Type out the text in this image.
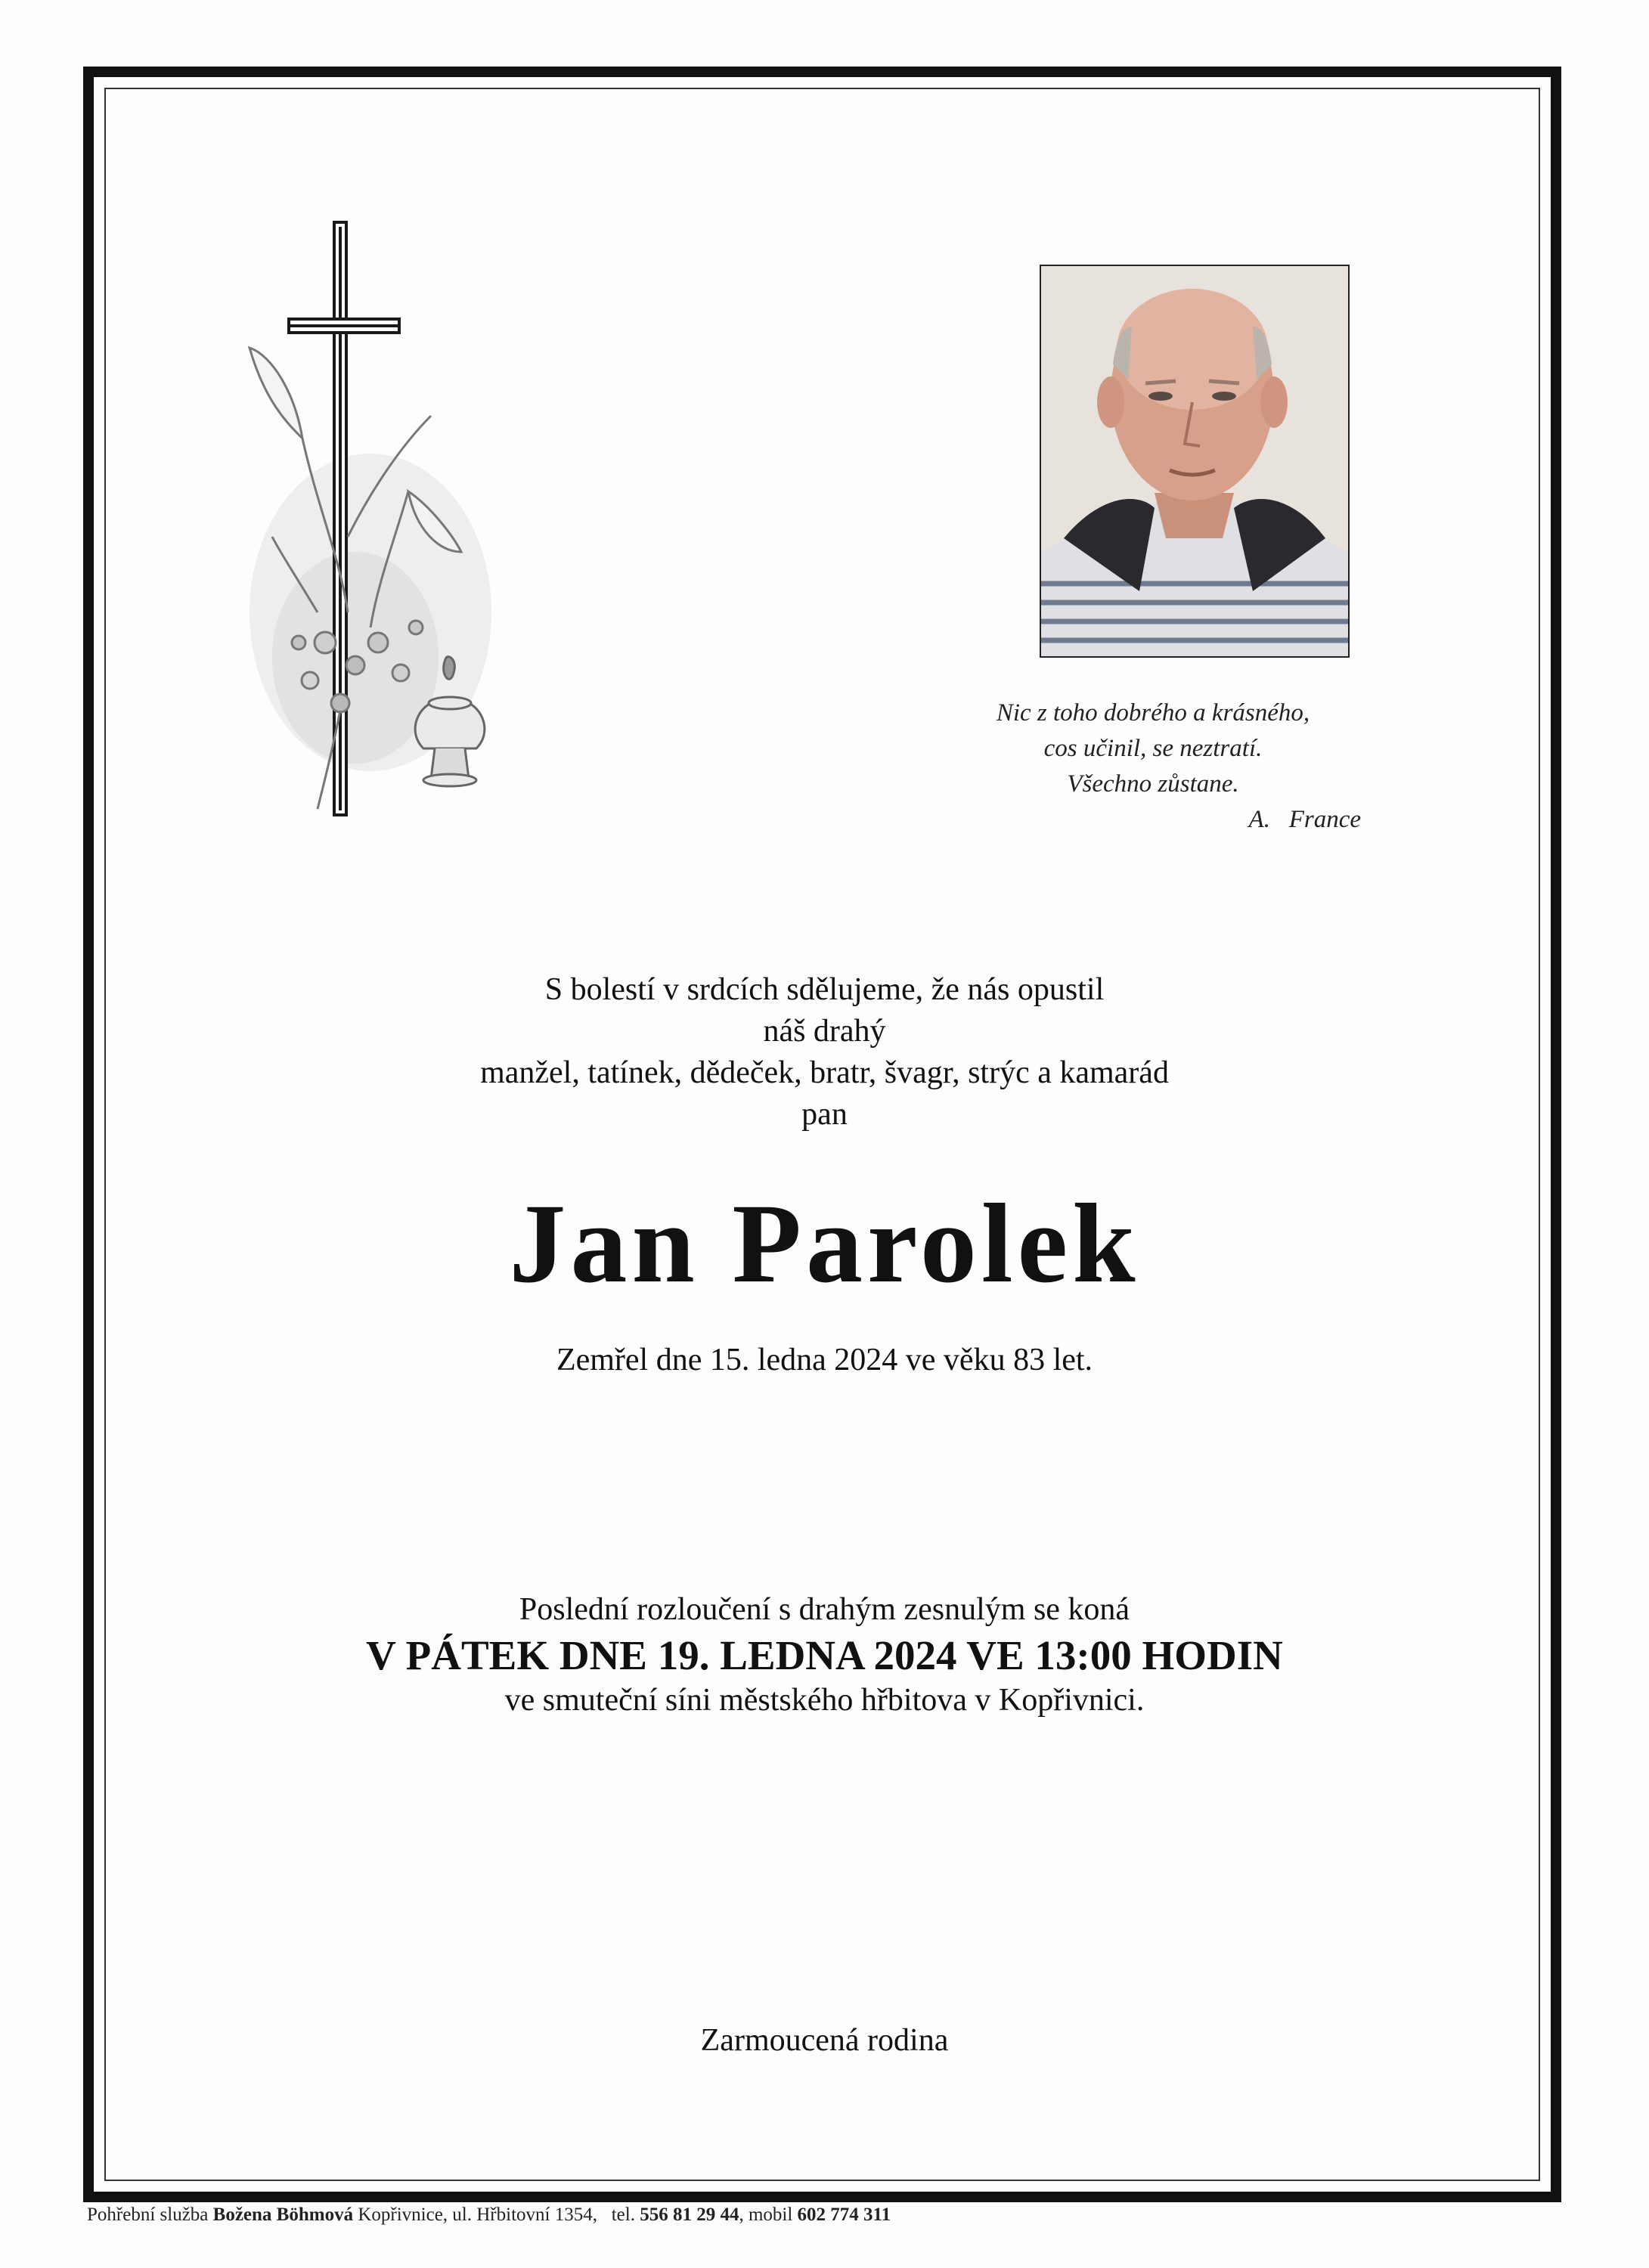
Nic z toho dobrého a krásného,
cos učinil, se neztratí.
Všechno zůstane.
A.   France
S bolestí v srdcích sdělujeme, že nás opustil
náš drahý
manžel, tatínek, dědeček, bratr, švagr, strýc a kamarád
pan
Jan Parolek
Zemřel dne 15. ledna 2024 ve věku 83 let.
Poslední rozloučení s drahým zesnulým se koná
V PÁTEK DNE 19. LEDNA 2024 VE 13:00 HODIN
ve smuteční síni městského hřbitova v Kopřivnici.
Zarmoucená rodina
Pohřební služba Božena Böhmová Kopřivnice, ul. Hřbitovní 1354,   tel. 556 81 29 44, mobil 602 774 311
